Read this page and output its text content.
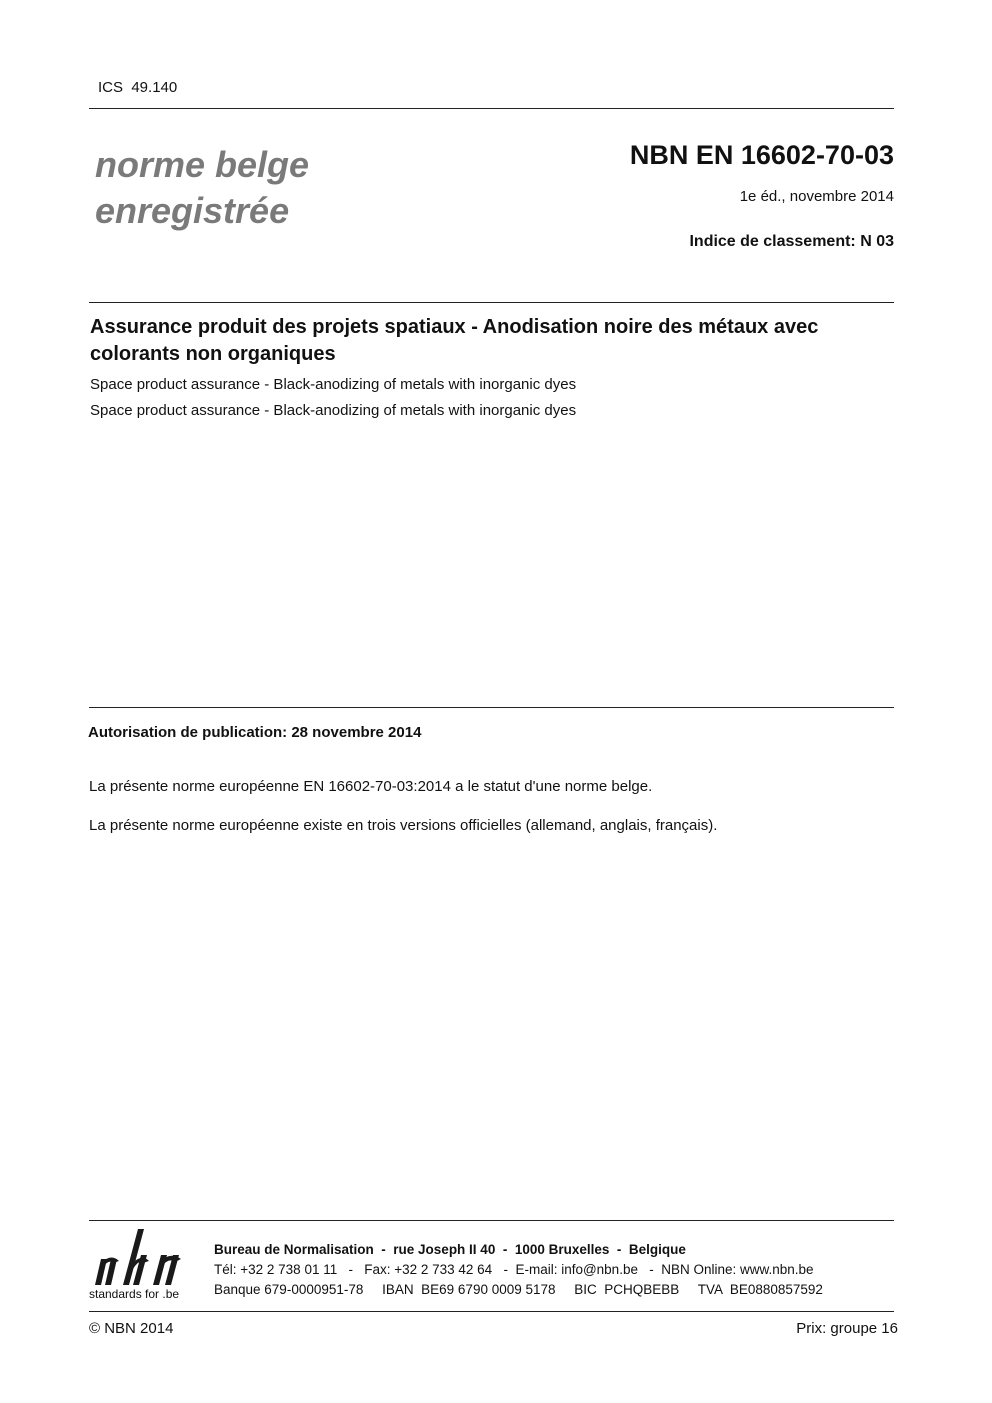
ICS  49.140
norme belge
enregistrée
NBN EN 16602-70-03
1e éd., novembre 2014
Indice de classement: N 03
Assurance produit des projets spatiaux - Anodisation noire des métaux avec colorants non organiques
Space product assurance - Black-anodizing of metals with inorganic dyes
Space product assurance - Black-anodizing of metals with inorganic dyes
Autorisation de publication: 28 novembre 2014
La présente norme européenne EN 16602-70-03:2014 a le statut d'une norme belge.
La présente norme européenne existe en trois versions officielles (allemand, anglais, français).
standards for .be
Bureau de Normalisation  -  rue Joseph II 40  -  1000 Bruxelles  -  Belgique
Tél: +32 2 738 01 11   -   Fax: +32 2 733 42 64   -  E-mail: info@nbn.be   -  NBN Online: www.nbn.be
Banque 679-0000951-78     IBAN  BE69 6790 0009 5178     BIC  PCHQBEBB     TVA  BE0880857592
© NBN 2014	Prix: groupe 16
